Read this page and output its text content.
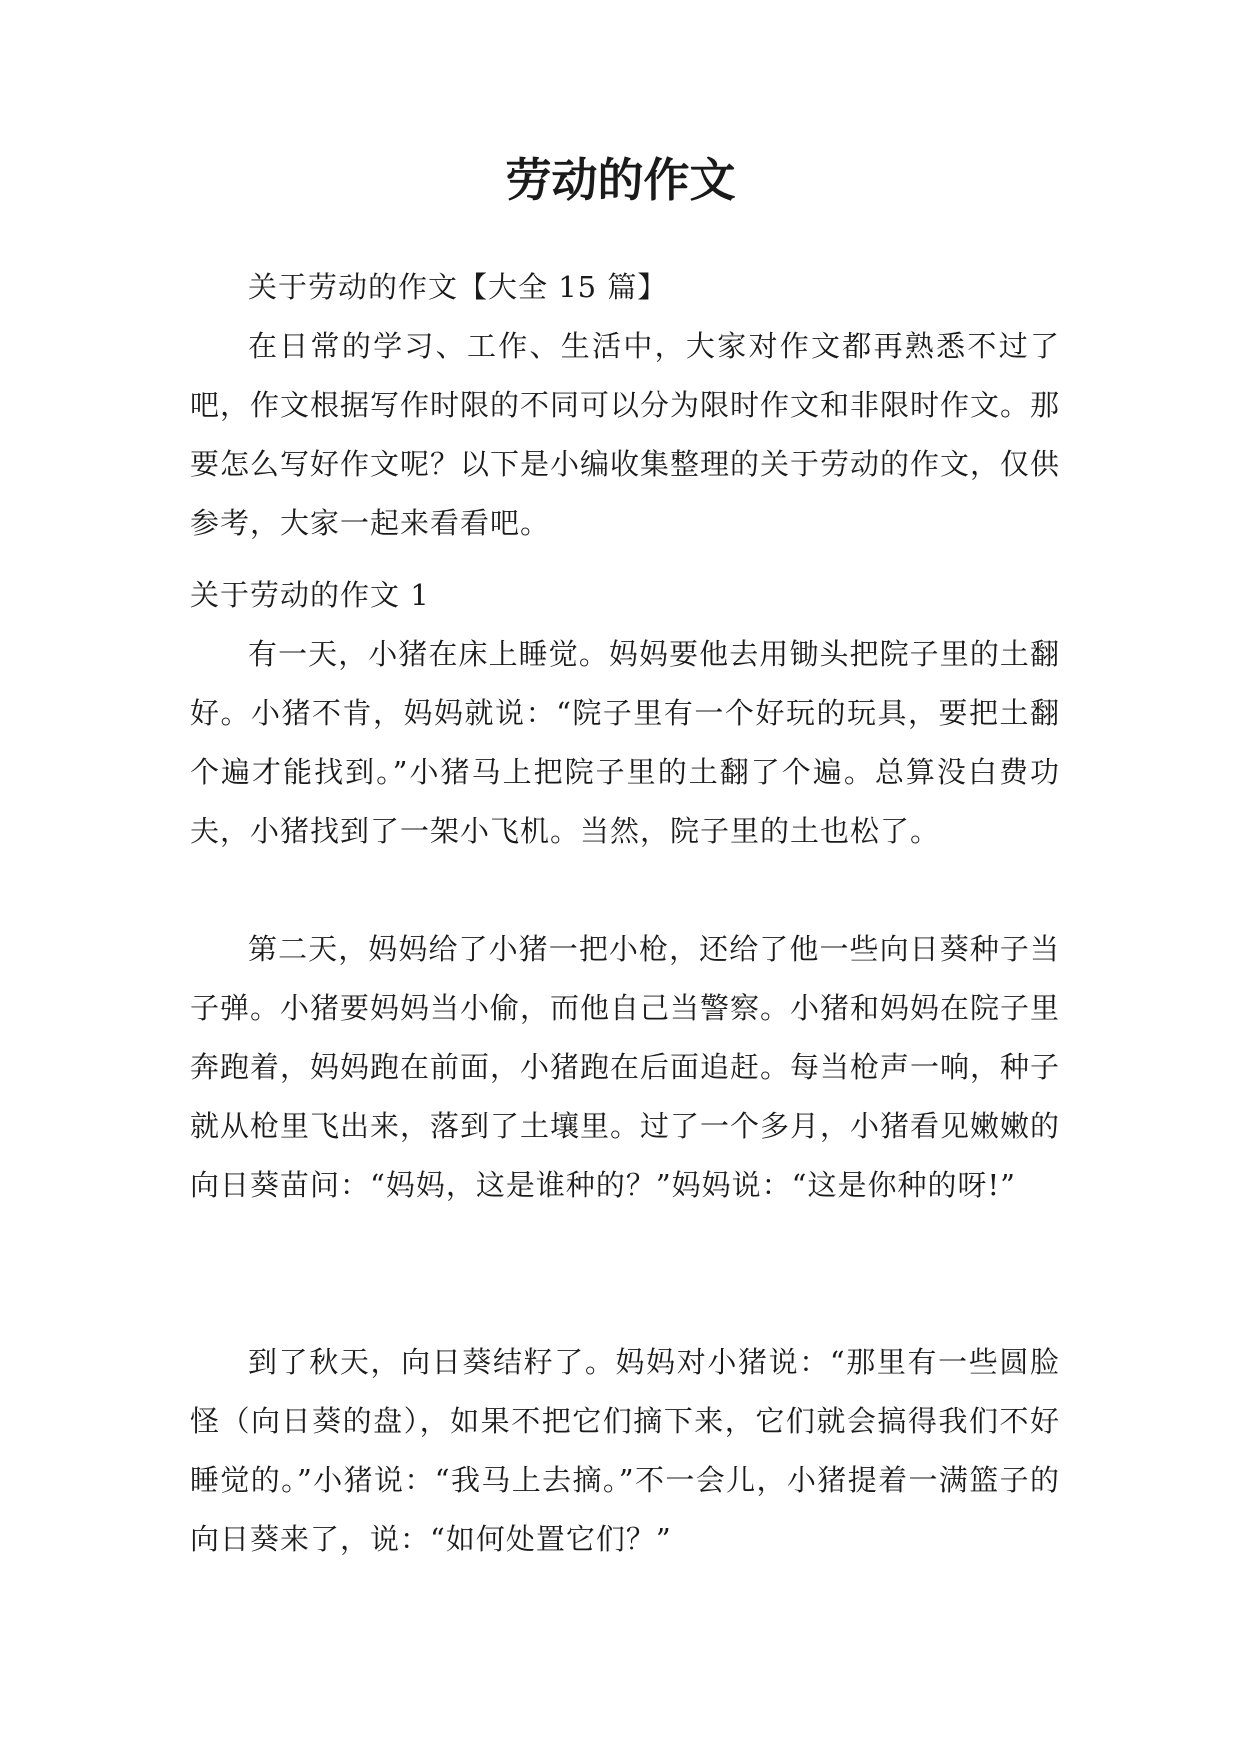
劳动的作文

关于劳动的作文【大全 15 篇】

在日常的学习、工作、生活中，大家对作文都再熟悉不过了吧，作文根据写作时限的不同可以分为限时作文和非限时作文。那要怎么写好作文呢？以下是小编收集整理的关于劳动的作文，仅供参考，大家一起来看看吧。

关于劳动的作文 1

有一天，小猪在床上睡觉。妈妈要他去用锄头把院子里的土翻好。小猪不肯，妈妈就说：“院子里有一个好玩的玩具，要把土翻个遍才能找到。”小猪马上把院子里的土翻了个遍。总算没白费功夫，小猪找到了一架小飞机。当然，院子里的土也松了。

第二天，妈妈给了小猪一把小枪，还给了他一些向日葵种子当子弹。小猪要妈妈当小偷，而他自己当警察。小猪和妈妈在院子里奔跑着，妈妈跑在前面，小猪跑在后面追赶。每当枪声一响，种子就从枪里飞出来，落到了土壤里。过了一个多月，小猪看见嫩嫩的向日葵苗问：“妈妈，这是谁种的？”妈妈说：“这是你种的呀!”

到了秋天，向日葵结籽了。妈妈对小猪说：“那里有一些圆脸怪（向日葵的盘），如果不把它们摘下来，它们就会搞得我们不好睡觉的。”小猪说：“我马上去摘。”不一会儿，小猪提着一满篮子的向日葵来了，说：“如何处置它们？”
